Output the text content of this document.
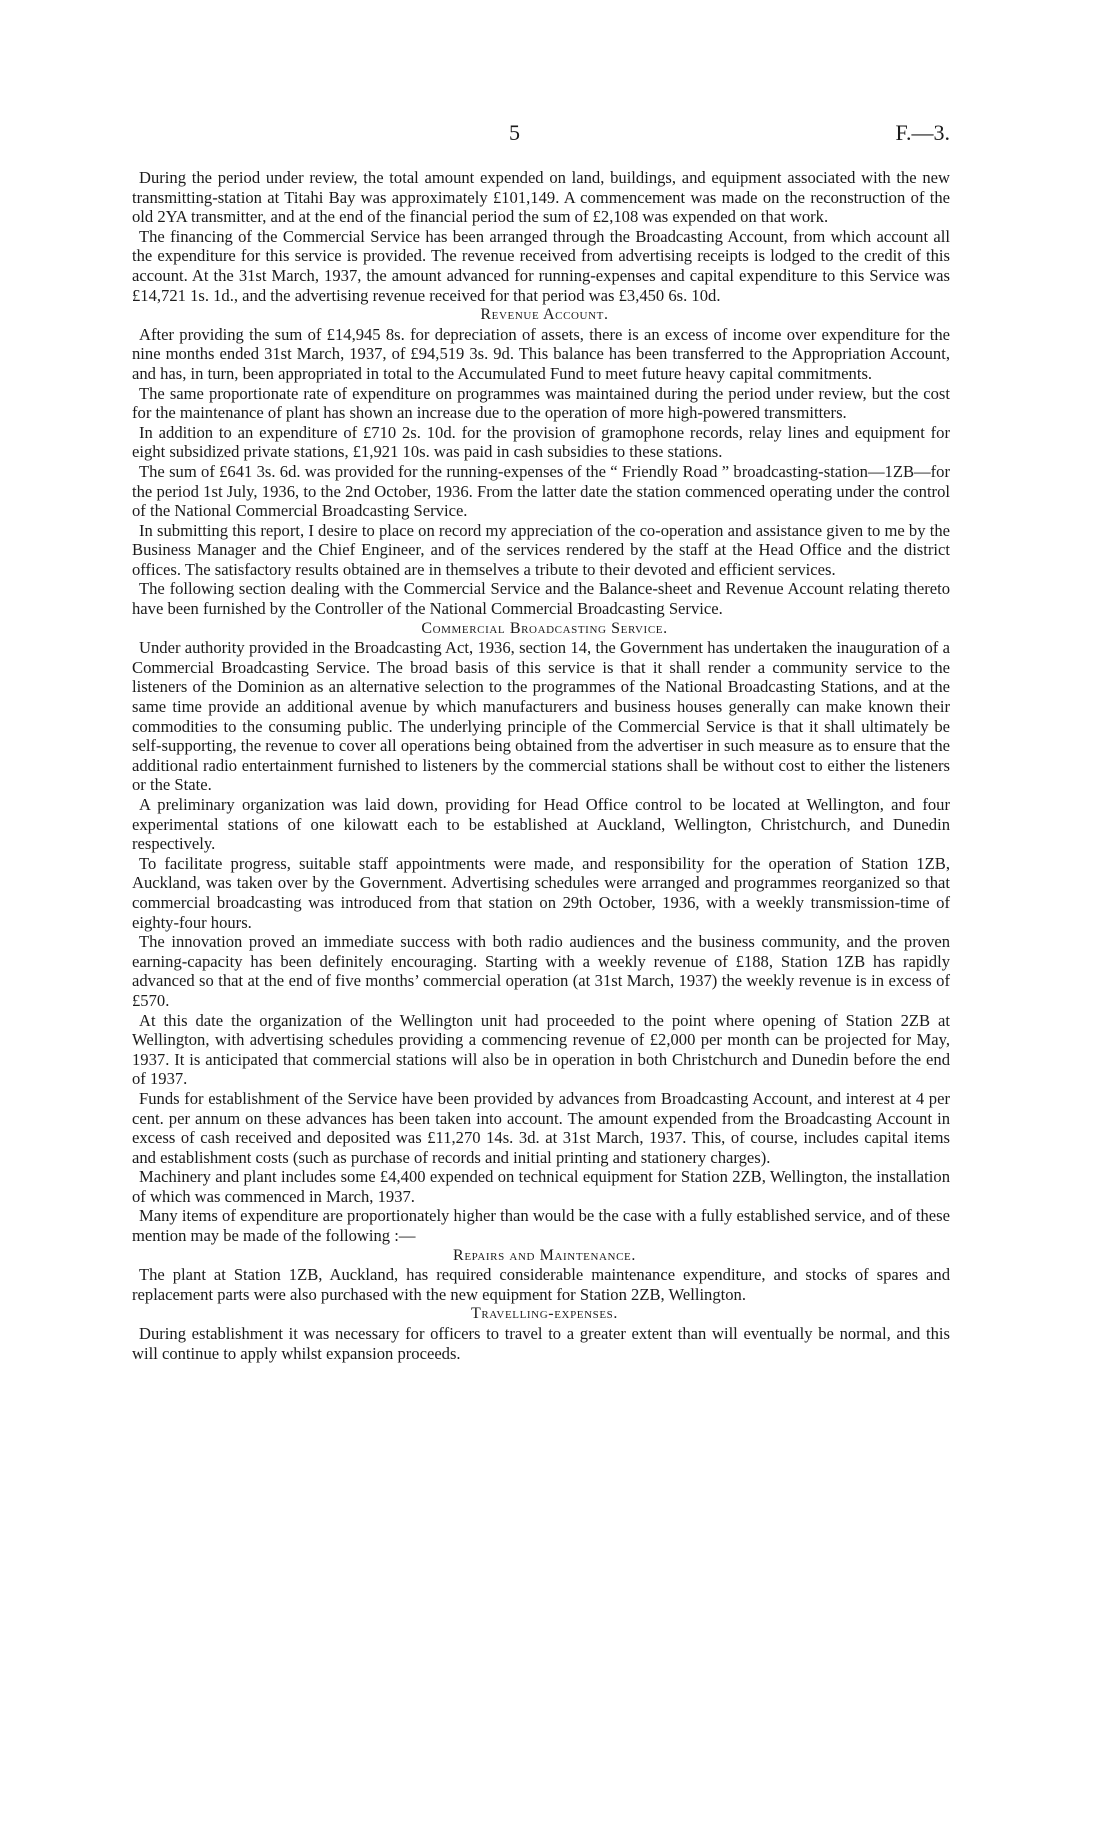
5	F.—3.

During the period under review, the total amount expended on land, buildings, and equipment associated with the new transmitting-station at Titahi Bay was approximately £101,149. A commencement was made on the reconstruction of the old 2YA transmitter, and at the end of the financial period the sum of £2,108 was expended on that work.

The financing of the Commercial Service has been arranged through the Broadcasting Account, from which account all the expenditure for this service is provided. The revenue received from advertising receipts is lodged to the credit of this account. At the 31st March, 1937, the amount advanced for running-expenses and capital expenditure to this Service was £14,721 1s. 1d., and the advertising revenue received for that period was £3,450 6s. 10d.

Revenue Account.

After providing the sum of £14,945 8s. for depreciation of assets, there is an excess of income over expenditure for the nine months ended 31st March, 1937, of £94,519 3s. 9d. This balance has been transferred to the Appropriation Account, and has, in turn, been appropriated in total to the Accumulated Fund to meet future heavy capital commitments.

The same proportionate rate of expenditure on programmes was maintained during the period under review, but the cost for the maintenance of plant has shown an increase due to the operation of more high-powered transmitters.

In addition to an expenditure of £710 2s. 10d. for the provision of gramophone records, relay lines and equipment for eight subsidized private stations, £1,921 10s. was paid in cash subsidies to these stations.

The sum of £641 3s. 6d. was provided for the running-expenses of the “ Friendly Road ” broadcasting-station—1ZB—for the period 1st July, 1936, to the 2nd October, 1936. From the latter date the station commenced operating under the control of the National Commercial Broadcasting Service.

In submitting this report, I desire to place on record my appreciation of the co-operation and assistance given to me by the Business Manager and the Chief Engineer, and of the services rendered by the staff at the Head Office and the district offices. The satisfactory results obtained are in themselves a tribute to their devoted and efficient services.

The following section dealing with the Commercial Service and the Balance-sheet and Revenue Account relating thereto have been furnished by the Controller of the National Commercial Broadcasting Service.

Commercial Broadcasting Service.

Under authority provided in the Broadcasting Act, 1936, section 14, the Government has undertaken the inauguration of a Commercial Broadcasting Service. The broad basis of this service is that it shall render a community service to the listeners of the Dominion as an alternative selection to the programmes of the National Broadcasting Stations, and at the same time provide an additional avenue by which manufacturers and business houses generally can make known their commodities to the consuming public. The underlying principle of the Commercial Service is that it shall ultimately be self-supporting, the revenue to cover all operations being obtained from the advertiser in such measure as to ensure that the additional radio entertainment furnished to listeners by the commercial stations shall be without cost to either the listeners or the State.

A preliminary organization was laid down, providing for Head Office control to be located at Wellington, and four experimental stations of one kilowatt each to be established at Auckland, Wellington, Christchurch, and Dunedin respectively.

To facilitate progress, suitable staff appointments were made, and responsibility for the operation of Station 1ZB, Auckland, was taken over by the Government. Advertising schedules were arranged and programmes reorganized so that commercial broadcasting was introduced from that station on 29th October, 1936, with a weekly transmission-time of eighty-four hours.

The innovation proved an immediate success with both radio audiences and the business community, and the proven earning-capacity has been definitely encouraging. Starting with a weekly revenue of £188, Station 1ZB has rapidly advanced so that at the end of five months’ commercial operation (at 31st March, 1937) the weekly revenue is in excess of £570.

At this date the organization of the Wellington unit had proceeded to the point where opening of Station 2ZB at Wellington, with advertising schedules providing a commencing revenue of £2,000 per month can be projected for May, 1937. It is anticipated that commercial stations will also be in operation in both Christchurch and Dunedin before the end of 1937.

Funds for establishment of the Service have been provided by advances from Broadcasting Account, and interest at 4 per cent. per annum on these advances has been taken into account. The amount expended from the Broadcasting Account in excess of cash received and deposited was £11,270 14s. 3d. at 31st March, 1937. This, of course, includes capital items and establishment costs (such as purchase of records and initial printing and stationery charges).

Machinery and plant includes some £4,400 expended on technical equipment for Station 2ZB, Wellington, the installation of which was commenced in March, 1937.

Many items of expenditure are proportionately higher than would be the case with a fully established service, and of these mention may be made of the following :—

Repairs and Maintenance.

The plant at Station 1ZB, Auckland, has required considerable maintenance expenditure, and stocks of spares and replacement parts were also purchased with the new equipment for Station 2ZB, Wellington.

Travelling-expenses.

During establishment it was necessary for officers to travel to a greater extent than will eventually be normal, and this will continue to apply whilst expansion proceeds.
